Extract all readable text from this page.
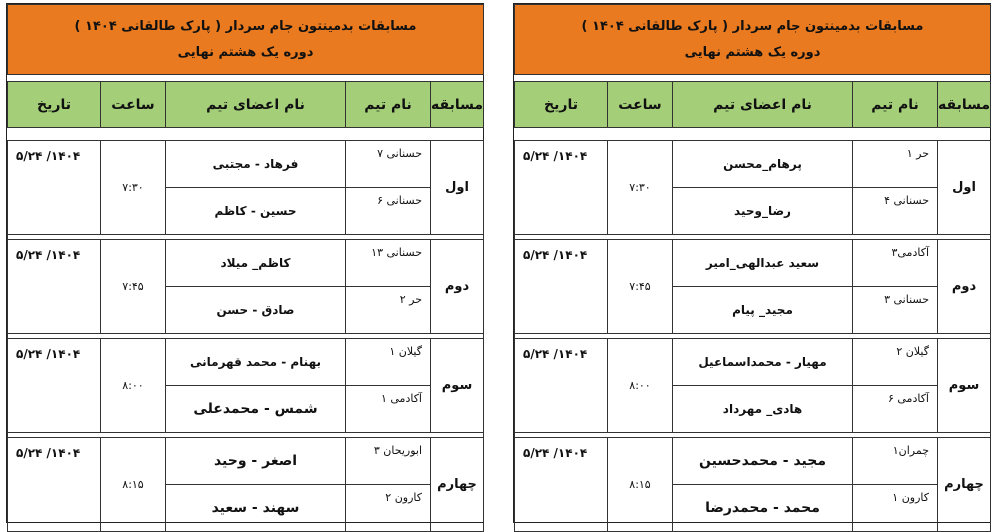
مسابقات بدمینتون جام سردار ( پارک طالقانی ۱۴۰۴ )
دوره یک هشتم نهایی				

مسابقه	نام تیم	نام اعضای تیم	ساعت	تاریخ

اول	حر ۱	پرهام_محسن	۷:۳۰	۱۴۰۴/ ۵/۲۴
	حسنانی ۴	رضا_وحید		

دوم	آکادمی۳	سعید عبدالهی_امیر	۷:۴۵	۱۴۰۴/ ۵/۲۴
	حسنانی ۳	مجید_ پیام		

سوم	گیلان ۲	مهیار - محمداسماعیل	۸:۰۰	۱۴۰۴/ ۵/۲۴
	آکادمی ۶	هادی_ مهرداد		

چهارم	چمران۱	مجید - محمدحسین	۸:۱۵	۱۴۰۴/ ۵/۲۴
	کارون ۱	محمد - محمدرضا		
مسابقات بدمینتون جام سردار ( پارک طالقانی ۱۴۰۴ )
دوره یک هشتم نهایی				

مسابقه	نام تیم	نام اعضای تیم	ساعت	تاریخ

اول	حسنانی ۷	فرهاد - مجتبی	۷:۳۰	۱۴۰۴/ ۵/۲۴
	حسنانی ۶	حسین - کاظم		

دوم	حسنانی ۱۳	کاظم_ میلاد	۷:۴۵	۱۴۰۴/ ۵/۲۴
	حر ۲	صادق - حسن		

سوم	گیلان ۱	بهنام - محمد قهرمانی	۸:۰۰	۱۴۰۴/ ۵/۲۴
	آکادمی ۱	شمس - محمدعلی		

چهارم	ابوریحان ۳	اصغر - وحید	۸:۱۵	۱۴۰۴/ ۵/۲۴
	کارون ۲	سهند - سعید		
